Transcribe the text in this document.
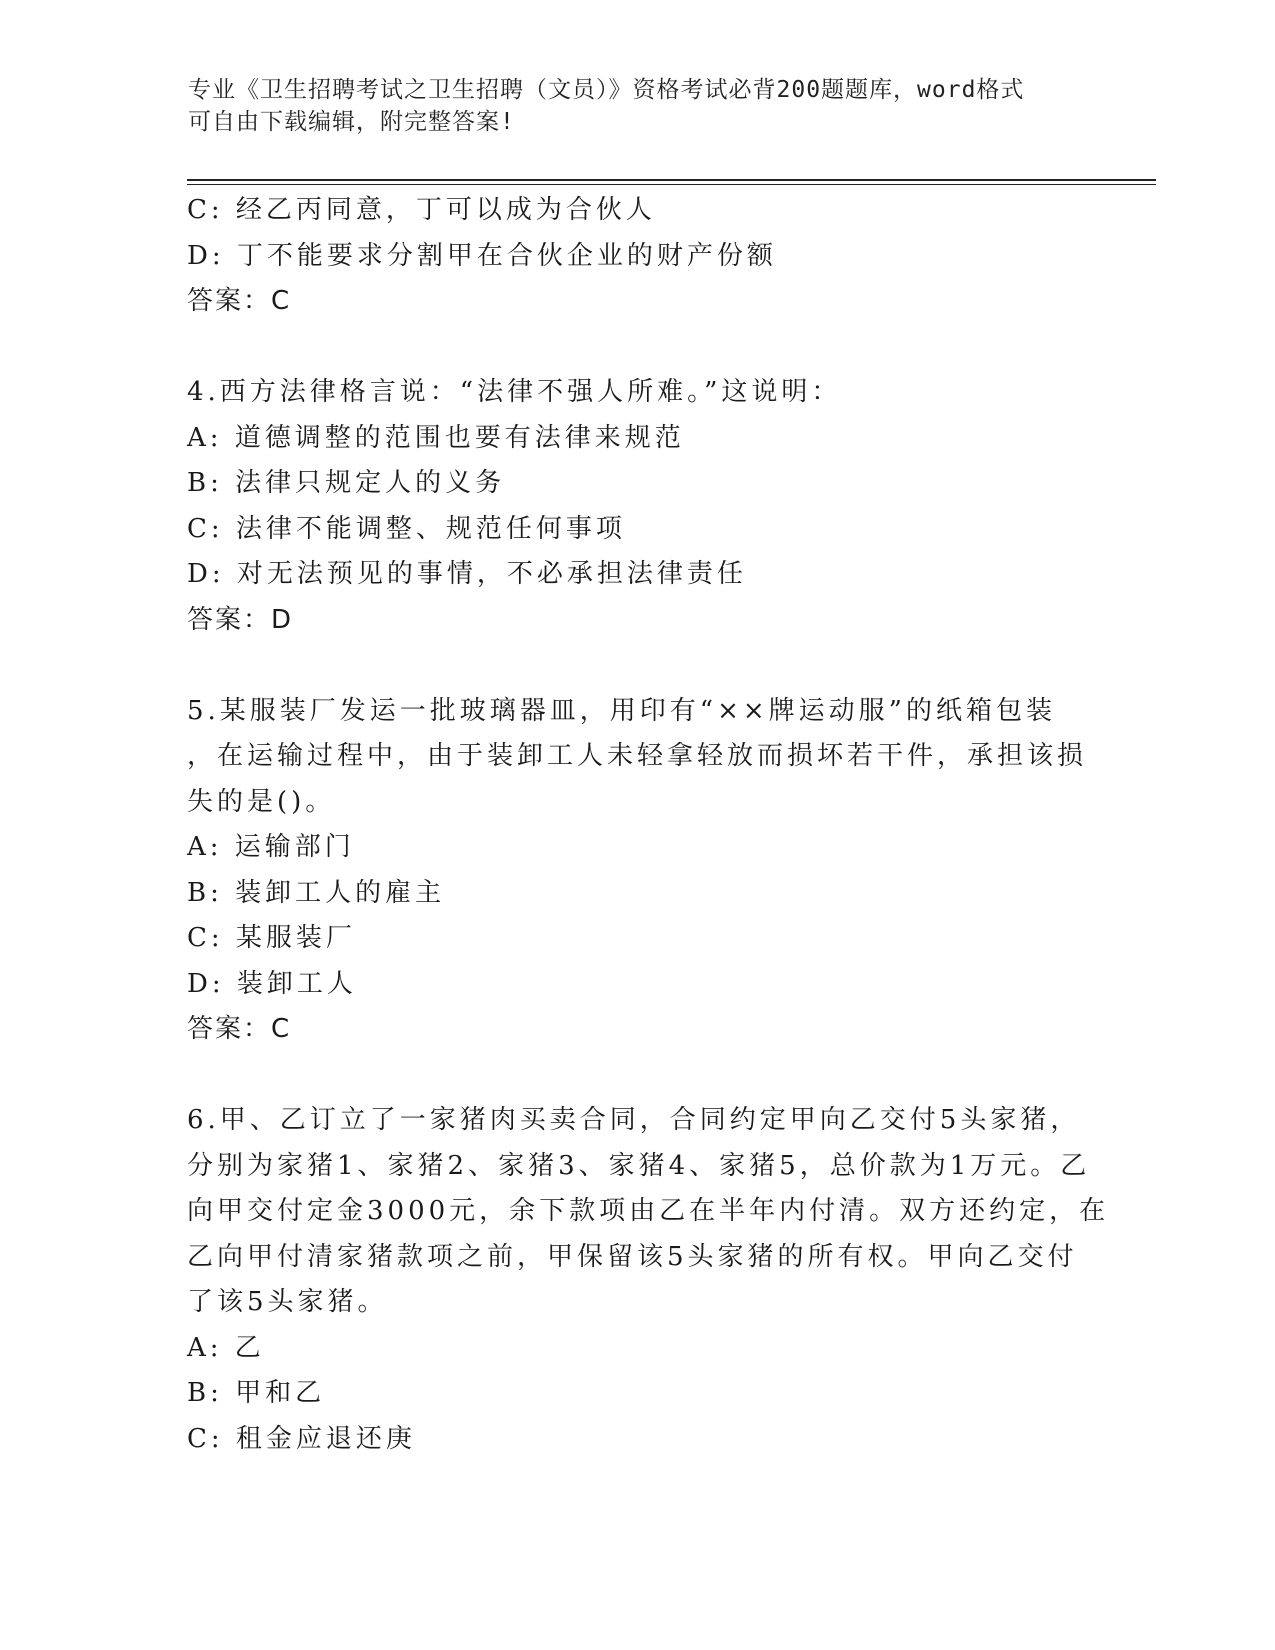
专业《卫生招聘考试之卫生招聘（文员）》资格考试必背200题题库，word格式
可自由下载编辑，附完整答案!
C: 经乙丙同意，丁可以成为合伙人
D: 丁不能要求分割甲在合伙企业的财产份额
答案：C
4.西方法律格言说：“法律不强人所难。”这说明：
A: 道德调整的范围也要有法律来规范
B: 法律只规定人的义务
C: 法律不能调整、规范任何事项
D: 对无法预见的事情，不必承担法律责任
答案：D
5.某服装厂发运一批玻璃器皿，用印有“××牌运动服”的纸箱包装
，在运输过程中，由于装卸工人未轻拿轻放而损坏若干件，承担该损
失的是()。
A: 运输部门
B: 装卸工人的雇主
C: 某服装厂
D: 装卸工人
答案：C
6.甲、乙订立了一家猪肉买卖合同，合同约定甲向乙交付5头家猪，
分别为家猪1、家猪2、家猪3、家猪4、家猪5，总价款为1万元。乙
向甲交付定金3000元，余下款项由乙在半年内付清。双方还约定，在
乙向甲付清家猪款项之前，甲保留该5头家猪的所有权。甲向乙交付
了该5头家猪。
A: 乙
B: 甲和乙
C: 租金应退还庚
